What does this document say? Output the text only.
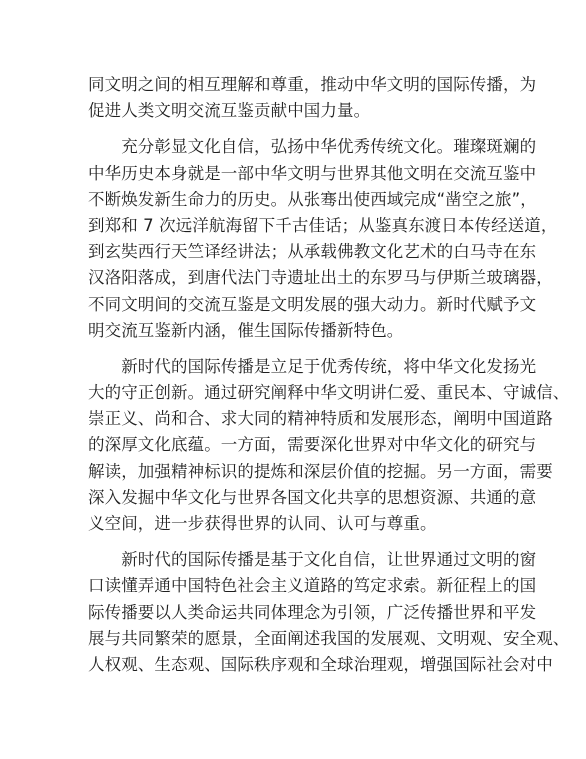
同文明之间的相互理解和尊重，推动中华文明的国际传播，为
促进人类文明交流互鉴贡献中国力量。

　　充分彰显文化自信，弘扬中华优秀传统文化。璀璨斑斓的
中华历史本身就是一部中华文明与世界其他文明在交流互鉴中
不断焕发新生命力的历史。从张骞出使西域完成“凿空之旅”，
到郑和 7 次远洋航海留下千古佳话；从鉴真东渡日本传经送道，
到玄奘西行天竺译经讲法；从承载佛教文化艺术的白马寺在东
汉洛阳落成，到唐代法门寺遗址出土的东罗马与伊斯兰玻璃器，
不同文明间的交流互鉴是文明发展的强大动力。新时代赋予文
明交流互鉴新内涵，催生国际传播新特色。

　　新时代的国际传播是立足于优秀传统，将中华文化发扬光
大的守正创新。通过研究阐释中华文明讲仁爱、重民本、守诚信、
崇正义、尚和合、求大同的精神特质和发展形态，阐明中国道路
的深厚文化底蕴。一方面，需要深化世界对中华文化的研究与
解读，加强精神标识的提炼和深层价值的挖掘。另一方面，需要
深入发掘中华文化与世界各国文化共享的思想资源、共通的意
义空间，进一步获得世界的认同、认可与尊重。

　　新时代的国际传播是基于文化自信，让世界通过文明的窗
口读懂弄通中国特色社会主义道路的笃定求索。新征程上的国
际传播要以人类命运共同体理念为引领，广泛传播世界和平发
展与共同繁荣的愿景，全面阐述我国的发展观、文明观、安全观、
人权观、生态观、国际秩序观和全球治理观，增强国际社会对中
